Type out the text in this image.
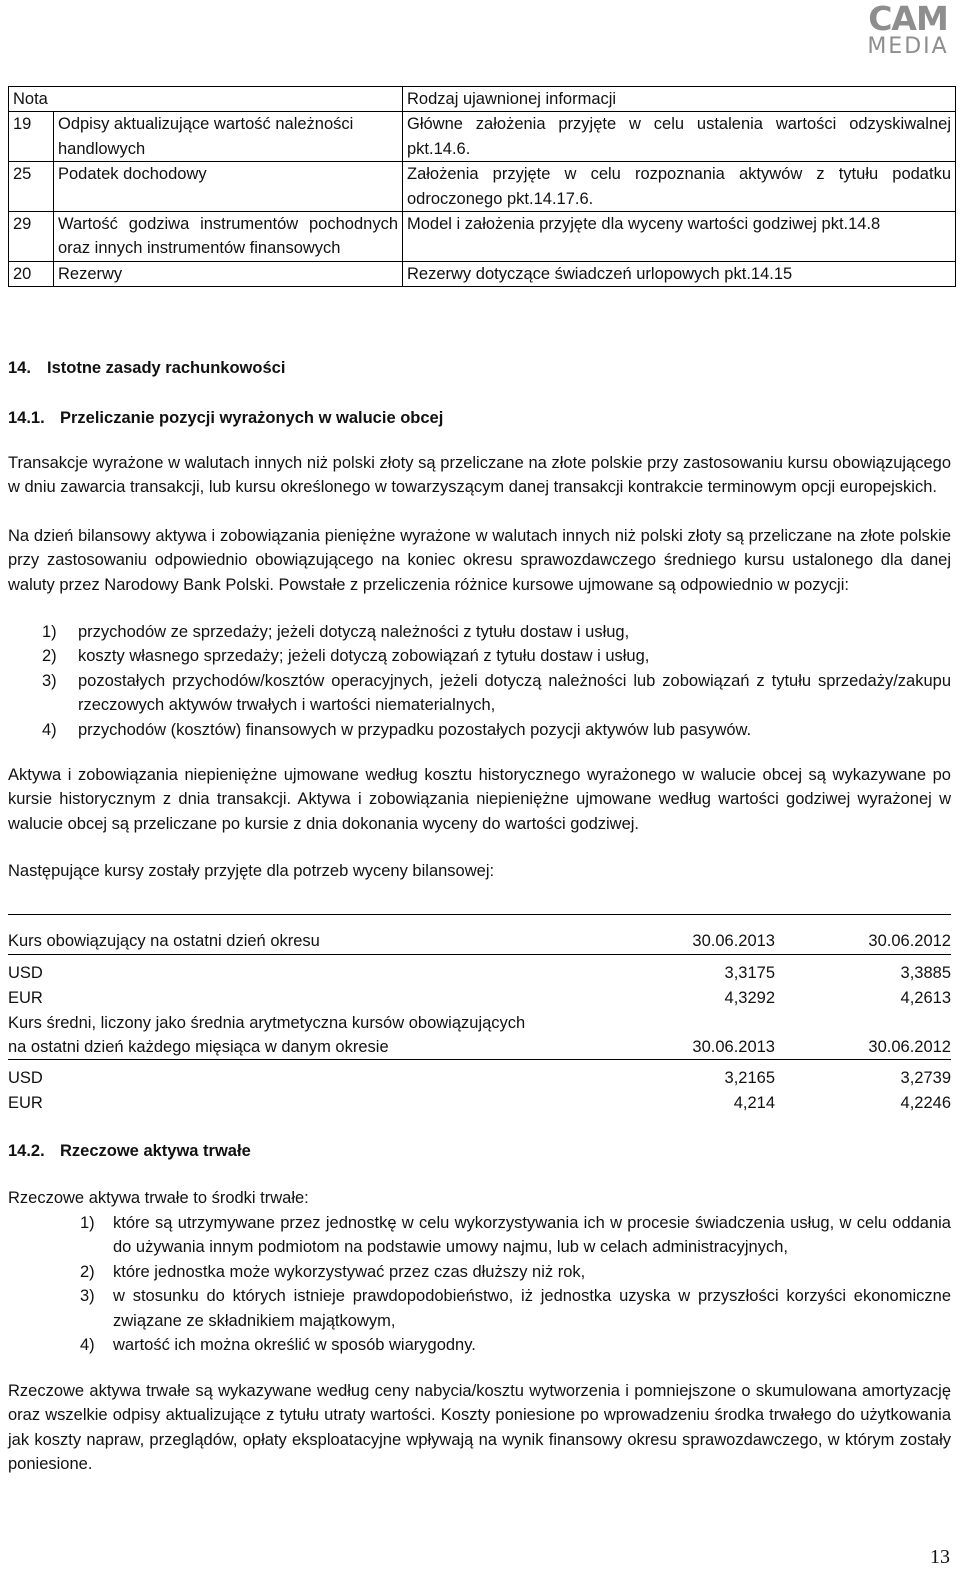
CAM
MEDIA
Nota		Rodzaj ujawnionej informacji
19	Odpisy aktualizujące wartość należności handlowych	Główne założenia przyjęte w celu ustalenia wartości odzyskiwalnej pkt.14.6.
25	Podatek dochodowy	Założenia przyjęte w celu rozpoznania aktywów z tytułu podatku odroczonego pkt.14.17.6.
29	Wartość godziwa instrumentów pochodnych oraz innych instrumentów finansowych	Model i założenia przyjęte dla wyceny wartości godziwej pkt.14.8
20	Rezerwy	Rezerwy dotyczące świadczeń urlopowych pkt.14.15
14. Istotne zasady rachunkowości
14.1. Przeliczanie pozycji wyrażonych w walucie obcej
Transakcje wyrażone w walutach innych niż polski złoty są przeliczane na złote polskie przy zastosowaniu kursu obowiązującego w dniu zawarcia transakcji, lub kursu określonego w towarzyszącym danej transakcji kontrakcie terminowym opcji europejskich.
Na dzień bilansowy aktywa i zobowiązania pieniężne wyrażone w walutach innych niż polski złoty są przeliczane na złote polskie przy zastosowaniu odpowiednio obowiązującego na koniec okresu sprawozdawczego średniego kursu ustalonego dla danej waluty przez Narodowy Bank Polski. Powstałe z przeliczenia różnice kursowe ujmowane są odpowiednio w pozycji:
1)	przychodów ze sprzedaży; jeżeli dotyczą należności z tytułu dostaw i usług,
2)	koszty własnego sprzedaży; jeżeli dotyczą zobowiązań z tytułu dostaw i usług,
3)	pozostałych przychodów/kosztów operacyjnych, jeżeli dotyczą należności lub zobowiązań z tytułu sprzedaży/zakupu rzeczowych aktywów trwałych i wartości niematerialnych,
4)	przychodów (kosztów) finansowych w przypadku pozostałych pozycji aktywów lub pasywów.
Aktywa i zobowiązania niepieniężne ujmowane według kosztu historycznego wyrażonego w walucie obcej są wykazywane po kursie historycznym z dnia transakcji. Aktywa i zobowiązania niepieniężne ujmowane według wartości godziwej wyrażonej w walucie obcej są przeliczane po kursie z dnia dokonania wyceny do wartości godziwej.
Następujące kursy zostały przyjęte dla potrzeb wyceny bilansowej:
Kurs obowiązujący na ostatni dzień okresu	30.06.2013	30.06.2012
USD	3,3175	3,3885
EUR	4,3292	4,2613
Kurs średni, liczony jako średnia arytmetyczna kursów obowiązujących
na ostatni dzień każdego mięsiąca w danym okresie	30.06.2013	30.06.2012
USD	3,2165	3,2739
EUR	4,214	4,2246
14.2. Rzeczowe aktywa trwałe
Rzeczowe aktywa trwałe to środki trwałe:
1)	które są utrzymywane przez jednostkę w celu wykorzystywania ich w procesie świadczenia usług, w celu oddania do używania innym podmiotom na podstawie umowy najmu, lub w celach administracyjnych,
2)	które jednostka może wykorzystywać przez czas dłuższy niż rok,
3)	w stosunku do których istnieje prawdopodobieństwo, iż jednostka uzyska w przyszłości korzyści ekonomiczne związane ze składnikiem majątkowym,
4)	wartość ich można określić w sposób wiarygodny.
Rzeczowe aktywa trwałe są wykazywane według ceny nabycia/kosztu wytworzenia i pomniejszone o skumulowana amortyzację oraz wszelkie odpisy aktualizujące z tytułu utraty wartości. Koszty poniesione po wprowadzeniu środka trwałego do użytkowania jak koszty napraw, przeglądów, opłaty eksploatacyjne wpływają na wynik finansowy okresu sprawozdawczego, w którym zostały poniesione.
13
